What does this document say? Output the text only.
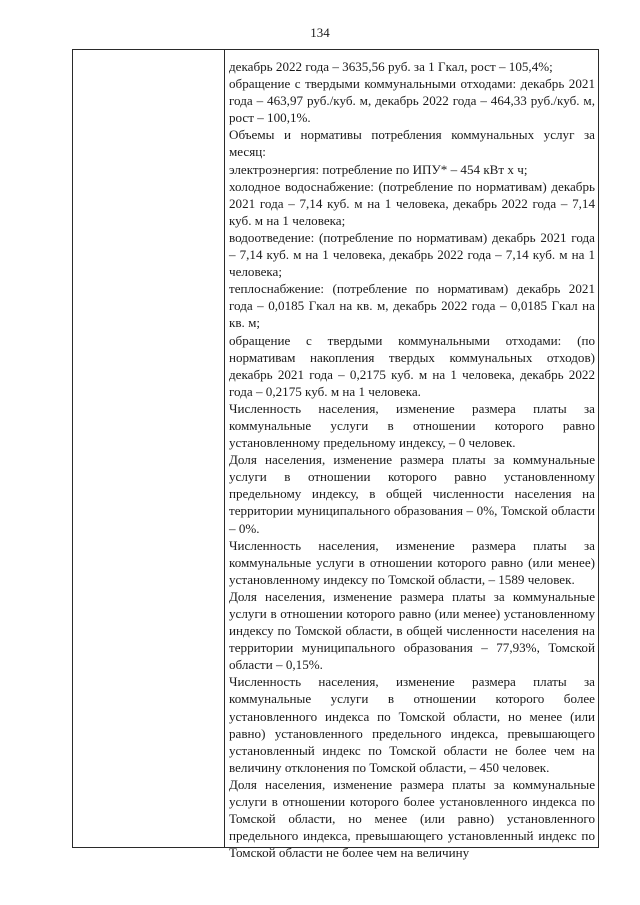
134

декабрь 2022 года – 3635,56 руб. за 1 Гкал, рост – 105,4%;

обращение с твердыми коммунальными отходами: декабрь 2021 года – 463,97 руб./куб. м, декабрь 2022 года – 464,33 руб./куб. м, рост – 100,1%.

Объемы и нормативы потребления коммунальных услуг за месяц:

электроэнергия: потребление по ИПУ* – 454 кВт х ч;

холодное водоснабжение: (потребление по нормативам) декабрь 2021 года – 7,14 куб. м на 1 человека, декабрь 2022 года – 7,14 куб. м на 1 человека;

водоотведение: (потребление по нормативам) декабрь 2021 года – 7,14 куб. м на 1 человека, декабрь 2022 года – 7,14 куб. м на 1 человека;

теплоснабжение: (потребление по нормативам) декабрь 2021 года – 0,0185 Гкал на кв. м, декабрь 2022 года – 0,0185 Гкал на кв. м;

обращение с твердыми коммунальными отходами: (по нормативам накопления твердых коммунальных отходов) декабрь 2021 года – 0,2175 куб. м на 1 человека, декабрь 2022 года – 0,2175 куб. м на 1 человека.

Численность населения, изменение размера платы за коммунальные услуги в отношении которого равно установленному предельному индексу, – 0 человек.

Доля населения, изменение размера платы за коммунальные услуги в отношении которого равно установленному предельному индексу, в общей численности населения на территории муниципального образования – 0%, Томской области – 0%.

Численность населения, изменение размера платы за коммунальные услуги в отношении которого равно (или менее) установленному индексу по Томской области, – 1589 человек.

Доля населения, изменение размера платы за коммунальные услуги в отношении которого равно (или менее) установленному индексу по Томской области, в общей численности населения на территории муниципального образования – 77,93%, Томской области – 0,15%.

Численность населения, изменение размера платы за коммунальные услуги в отношении которого более установленного индекса по Томской области, но менее (или равно) установленного предельного индекса, превышающего установленный индекс по Томской области не более чем на величину отклонения по Томской области, – 450 человек.

Доля населения, изменение размера платы за коммунальные услуги в отношении которого более установленного индекса по Томской области, но менее (или равно) установленного предельного индекса, превышающего установленный индекс по Томской области не более чем на величину
